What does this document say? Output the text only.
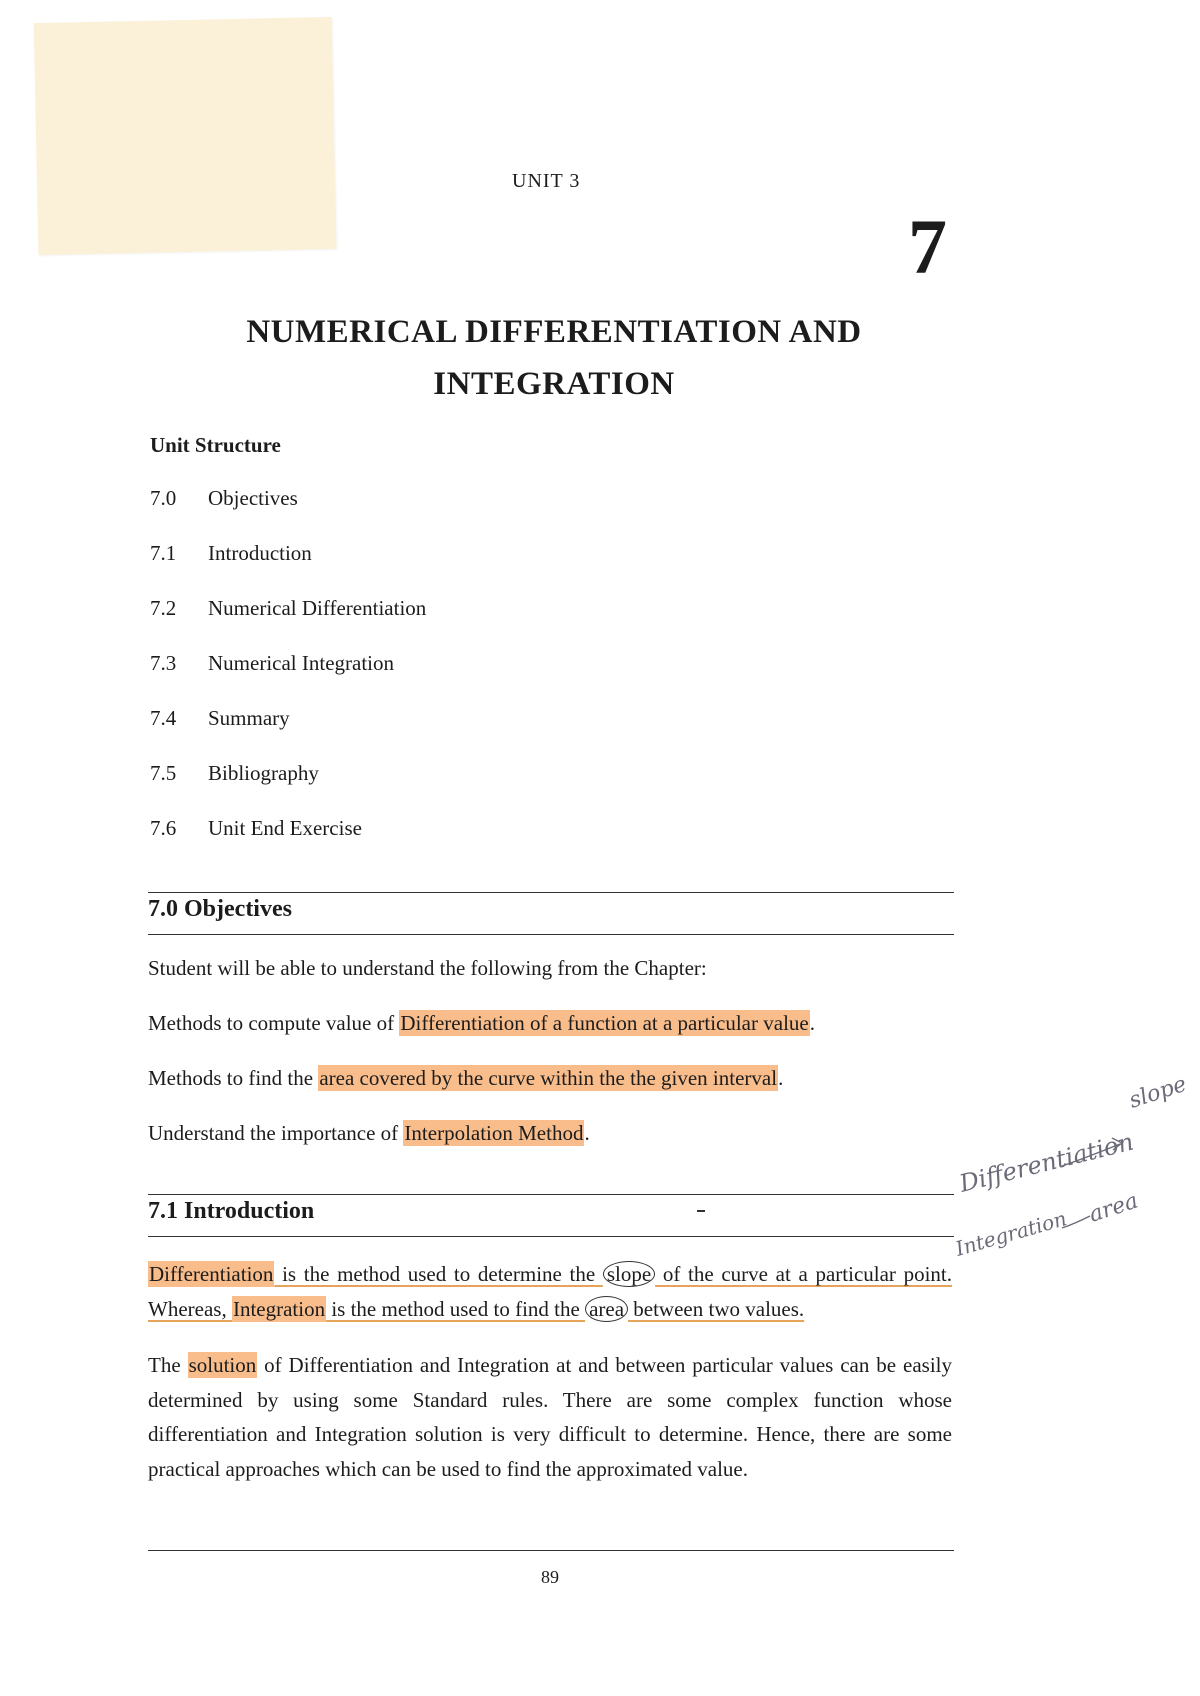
UNIT 3
7
NUMERICAL DIFFERENTIATION AND
INTEGRATION
Unit Structure
7.0	Objectives
7.1	Introduction
7.2	Numerical Differentiation
7.3	Numerical Integration
7.4	Summary
7.5	Bibliography
7.6	Unit End Exercise
7.0 Objectives
Student will be able to understand the following from the Chapter:
Methods to compute value of Differentiation of a function at a particular value.
Methods to find the area covered by the curve within the the given interval.
Understand the importance of Interpolation Method.
7.1 Introduction
Differentiation is the method used to determine the slope of the curve at a particular point. Whereas, Integration is the method used to find the area between two values.
The solution of Differentiation and Integration at and between particular values can be easily determined by using some Standard rules. There are some complex function whose differentiation and Integration solution is very difficult to determine. Hence, there are some practical approaches which can be used to find the approximated value.
89
slope
Differentiation
Integration area
